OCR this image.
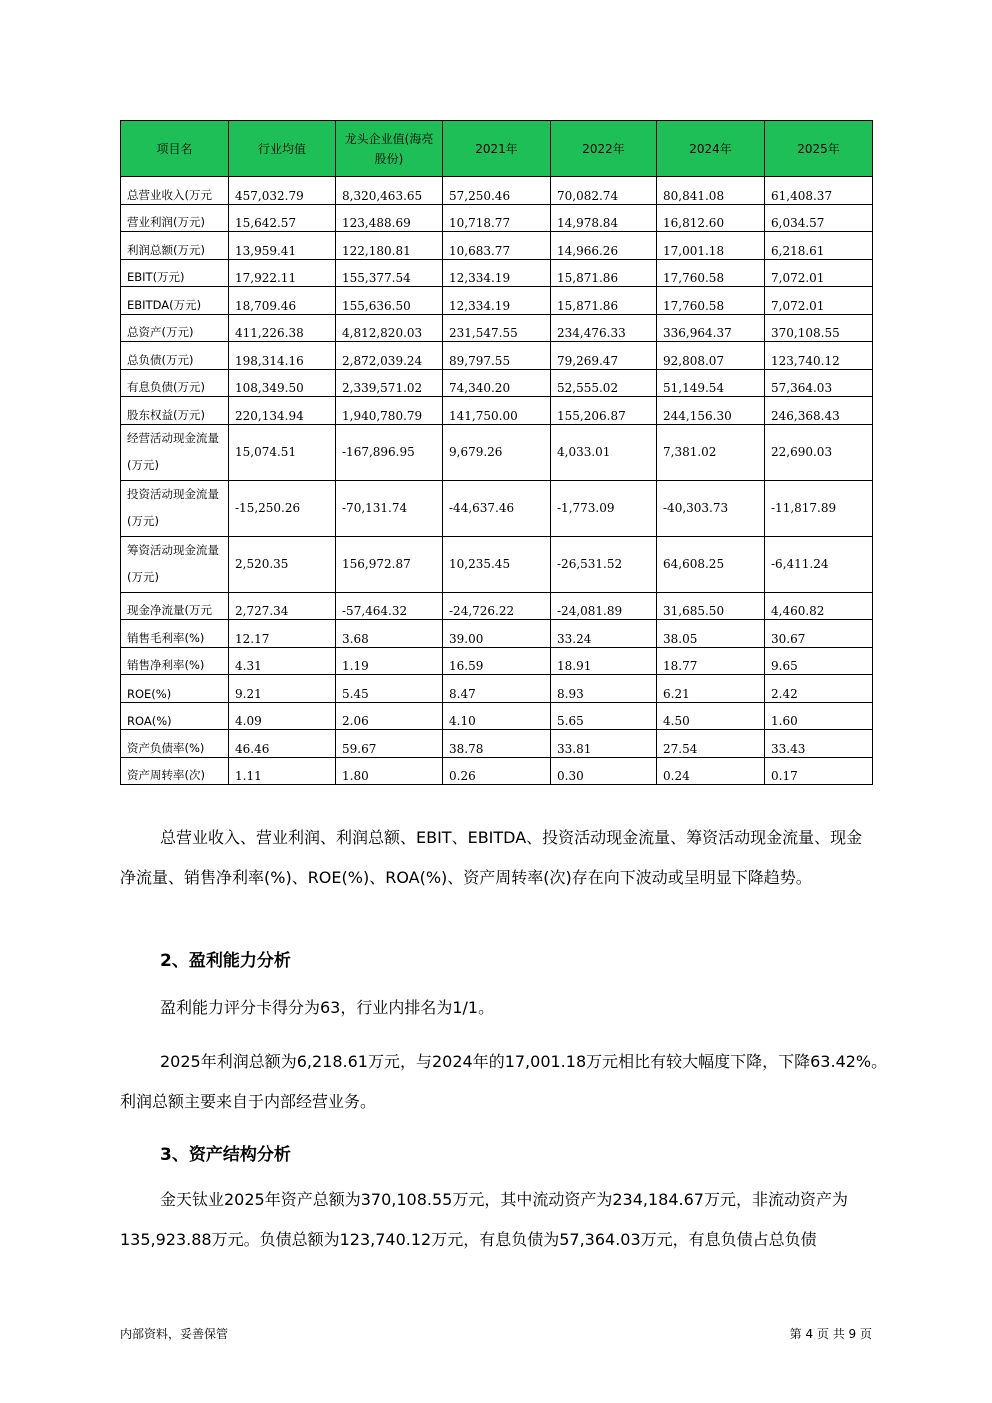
项目名	行业均值	龙头企业值(海亮股份)	2021年	2022年	2024年	2025年
总营业收入(万元	457,032.79	8,320,463.65	57,250.46	70,082.74	80,841.08	61,408.37
营业利润(万元)	15,642.57	123,488.69	10,718.77	14,978.84	16,812.60	6,034.57
利润总额(万元)	13,959.41	122,180.81	10,683.77	14,966.26	17,001.18	6,218.61
EBIT(万元)	17,922.11	155,377.54	12,334.19	15,871.86	17,760.58	7,072.01
EBITDA(万元)	18,709.46	155,636.50	12,334.19	15,871.86	17,760.58	7,072.01
总资产(万元)	411,226.38	4,812,820.03	231,547.55	234,476.33	336,964.37	370,108.55
总负债(万元)	198,314.16	2,872,039.24	89,797.55	79,269.47	92,808.07	123,740.12
有息负债(万元)	108,349.50	2,339,571.02	74,340.20	52,555.02	51,149.54	57,364.03
股东权益(万元)	220,134.94	1,940,780.79	141,750.00	155,206.87	244,156.30	246,368.43
经营活动现金流量(万元)	15,074.51	-167,896.95	9,679.26	4,033.01	7,381.02	22,690.03
投资活动现金流量(万元)	-15,250.26	-70,131.74	-44,637.46	-1,773.09	-40,303.73	-11,817.89
筹资活动现金流量(万元)	2,520.35	156,972.87	10,235.45	-26,531.52	64,608.25	-6,411.24
现金净流量(万元	2,727.34	-57,464.32	-24,726.22	-24,081.89	31,685.50	4,460.82
销售毛利率(%)	12.17	3.68	39.00	33.24	38.05	30.67
销售净利率(%)	4.31	1.19	16.59	18.91	18.77	9.65
ROE(%)	9.21	5.45	8.47	8.93	6.21	2.42
ROA(%)	4.09	2.06	4.10	5.65	4.50	1.60
资产负债率(%)	46.46	59.67	38.78	33.81	27.54	33.43
资产周转率(次)	1.11	1.80	0.26	0.30	0.24	0.17

总营业收入、营业利润、利润总额、EBIT、EBITDA、投资活动现金流量、筹资活动现金流量、现金净流量、销售净利率(%)、ROE(%)、ROA(%)、资产周转率(次)存在向下波动或呈明显下降趋势。

2、盈利能力分析

盈利能力评分卡得分为63，行业内排名为1/1。

2025年利润总额为6,218.61万元，与2024年的17,001.18万元相比有较大幅度下降，下降63.42%。利润总额主要来自于内部经营业务。

3、资产结构分析

金天钛业2025年资产总额为370,108.55万元，其中流动资产为234,184.67万元，非流动资产为135,923.88万元。负债总额为123,740.12万元，有息负债为57,364.03万元，有息负债占总负债

内部资料，妥善保管	第 4 页 共 9 页
